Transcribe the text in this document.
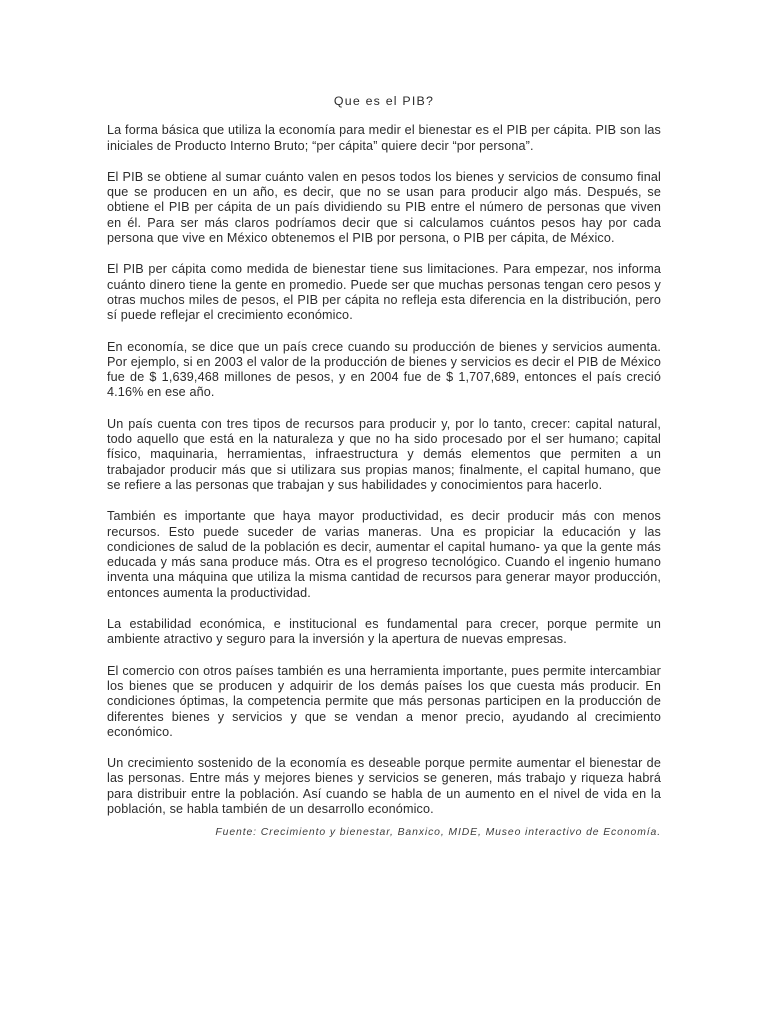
Que es el PIB?

La forma básica que utiliza la economía para medir el bienestar es el PIB per cápita. PIB son las iniciales de Producto Interno Bruto; “per cápita” quiere decir “por persona”.

El PIB se obtiene al sumar cuánto valen en pesos todos los bienes y servicios de consumo final que se producen en un año, es decir, que no se usan para producir algo más. Después, se obtiene el PIB per cápita de un país dividiendo su PIB entre el número de personas que viven en él. Para ser más claros podríamos decir que si calculamos cuántos pesos hay por cada persona que vive en México obtenemos el PIB por persona, o PIB per cápita, de México.

El PIB per cápita como medida de bienestar tiene sus limitaciones. Para empezar, nos informa cuánto dinero tiene la gente en promedio. Puede ser que muchas personas tengan cero pesos y otras muchos miles de pesos, el PIB per cápita no refleja esta diferencia en la distribución, pero sí puede reflejar el crecimiento económico.

En economía, se dice que un país crece cuando su producción de bienes y servicios aumenta. Por ejemplo, si en 2003 el valor de la producción de bienes y servicios es decir el PIB de México fue de $ 1,639,468 millones de pesos, y en 2004 fue de $ 1,707,689, entonces el país creció 4.16% en ese año.

Un país cuenta con tres tipos de recursos para producir y, por lo tanto, crecer: capital natural, todo aquello que está en la naturaleza y que no ha sido procesado por el ser humano; capital físico, maquinaria, herramientas, infraestructura y demás elementos que permiten a un trabajador producir más que si utilizara sus propias manos; finalmente, el capital humano, que se refiere a las personas que trabajan y sus habilidades y conocimientos para hacerlo.

También es importante que haya mayor productividad, es decir producir más con menos recursos. Esto puede suceder de varias maneras. Una es propiciar la educación y las condiciones de salud de la población es decir, aumentar el capital humano- ya que la gente más educada y más sana produce más. Otra es el progreso tecnológico. Cuando el ingenio humano inventa una máquina que utiliza la misma cantidad de recursos para generar mayor producción, entonces aumenta la productividad.

La estabilidad económica, e institucional es fundamental para crecer, porque permite un ambiente atractivo y seguro para la inversión y la apertura de nuevas empresas.

El comercio con otros países también es una herramienta importante, pues permite intercambiar los bienes que se producen y adquirir de los demás países los que cuesta más producir. En condiciones óptimas, la competencia permite que más personas participen en la producción de diferentes bienes y servicios y que se vendan a menor precio, ayudando al crecimiento económico.

Un crecimiento sostenido de la economía es deseable porque permite aumentar el bienestar de las personas. Entre más y mejores bienes y servicios se generen, más trabajo y riqueza habrá para distribuir entre la población. Así cuando se habla de un aumento en el nivel de vida en la población, se habla también de un desarrollo económico.

Fuente: Crecimiento y bienestar, Banxico, MIDE, Museo interactivo de Economía.
